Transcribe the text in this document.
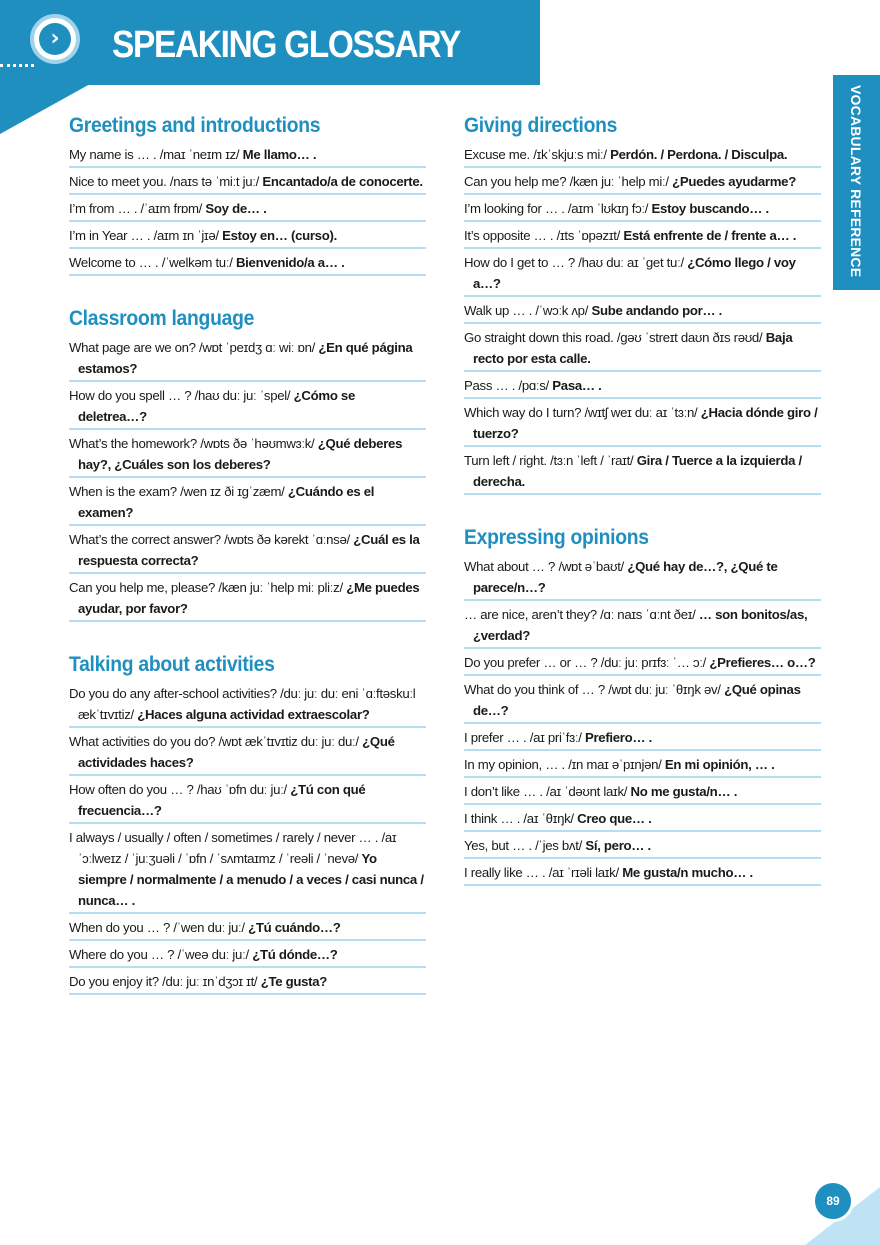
›	SPEAKING GLOSSARY
VOCABULARY REFERENCE
Greetings and introductions
My name is … . /maɪ ˈneɪm ɪz/ Me llamo… .
Nice to meet you. /naɪs tə ˈmiːt juː/ Encantado/a de conocerte.
I’m from … . /ˈaɪm frɒm/ Soy de… .
I’m in Year … . /aɪm ɪn ˈjɪə/ Estoy en… (curso).
Welcome to … . /ˈwelkəm tuː/ Bienvenido/a a… .
Classroom language
What page are we on? /wɒt ˈpeɪdʒ ɑː wiː ɒn/ ¿En qué página estamos?
How do you spell … ? /haʊ duː juː ˈspel/ ¿Cómo se deletrea…?
What’s the homework? /wɒts ðə ˈhəʊmwɜːk/ ¿Qué deberes hay?, ¿Cuáles son los deberes?
When is the exam? /wen ɪz ði ɪɡˈzæm/ ¿Cuándo es el examen?
What’s the correct answer? /wɒts ðə kərekt ˈɑːnsə/ ¿Cuál es la respuesta correcta?
Can you help me, please? /kæn juː ˈhelp miː pliːz/ ¿Me puedes ayudar, por favor?
Talking about activities
Do you do any after-school activities? /duː juː duː eni ˈɑːftəskuːl ækˈtɪvɪtiz/ ¿Haces alguna actividad extraescolar?
What activities do you do? /wɒt ækˈtɪvɪtiz duː juː duː/ ¿Qué actividades haces?
How often do you … ? /haʊ ˈɒfn duː juː/ ¿Tú con qué frecuencia…?
I always / usually / often / sometimes / rarely / never … . /aɪ ˈɔːlweɪz / ˈjuːʒuəli / ˈɒfn / ˈsʌmtaɪmz / ˈreəli / ˈnevə/ Yo siempre / normalmente / a menudo / a veces / casi nunca / nunca… .
When do you … ? /ˈwen duː juː/ ¿Tú cuándo…?
Where do you … ? /ˈweə duː juː/ ¿Tú dónde…?
Do you enjoy it? /duː juː ɪnˈdʒɔɪ ɪt/ ¿Te gusta?
Giving directions
Excuse me. /ɪkˈskjuːs miː/ Perdón. / Perdona. / Disculpa.
Can you help me? /kæn juː ˈhelp miː/ ¿Puedes ayudarme?
I’m looking for … . /aɪm ˈlʊkɪŋ fɔː/ Estoy buscando… .
It’s opposite … . /ɪts ˈɒpəzɪt/ Está enfrente de / frente a… .
How do I get to … ? /haʊ duː aɪ ˈget tuː/ ¿Cómo llego / voy a…?
Walk up … . /ˈwɔːk ʌp/ Sube andando por… .
Go straight down this road. /gəʊ ˈstreɪt daʊn ðɪs rəʊd/ Baja recto por esta calle.
Pass … . /pɑːs/ Pasa… .
Which way do I turn? /wɪtʃ weɪ duː aɪ ˈtɜːn/ ¿Hacia dónde giro / tuerzo?
Turn left / right. /tɜːn ˈleft / ˈraɪt/ Gira / Tuerce a la izquierda / derecha.
Expressing opinions
What about … ? /wɒt əˈbaʊt/ ¿Qué hay de…?, ¿Qué te parece/n…?
… are nice, aren’t they? /ɑː naɪs ˈɑːnt ðeɪ/ … son bonitos/as, ¿verdad?
Do you prefer … or … ? /duː juː prɪfɜː ˈ… ɔː/ ¿Prefieres… o…?
What do you think of … ? /wɒt duː juː ˈθɪŋk əv/ ¿Qué opinas de…?
I prefer … . /aɪ priˈfɜː/ Prefiero… .
In my opinion, … . /ɪn maɪ əˈpɪnjən/ En mi opinión, … .
I don’t like … . /aɪ ˈdəʊnt laɪk/ No me gusta/n… .
I think … . /aɪ ˈθɪŋk/ Creo que… .
Yes, but … . /ˈjes bʌt/ Sí, pero… .
I really like … . /aɪ ˈrɪəli laɪk/ Me gusta/n mucho… .
89
